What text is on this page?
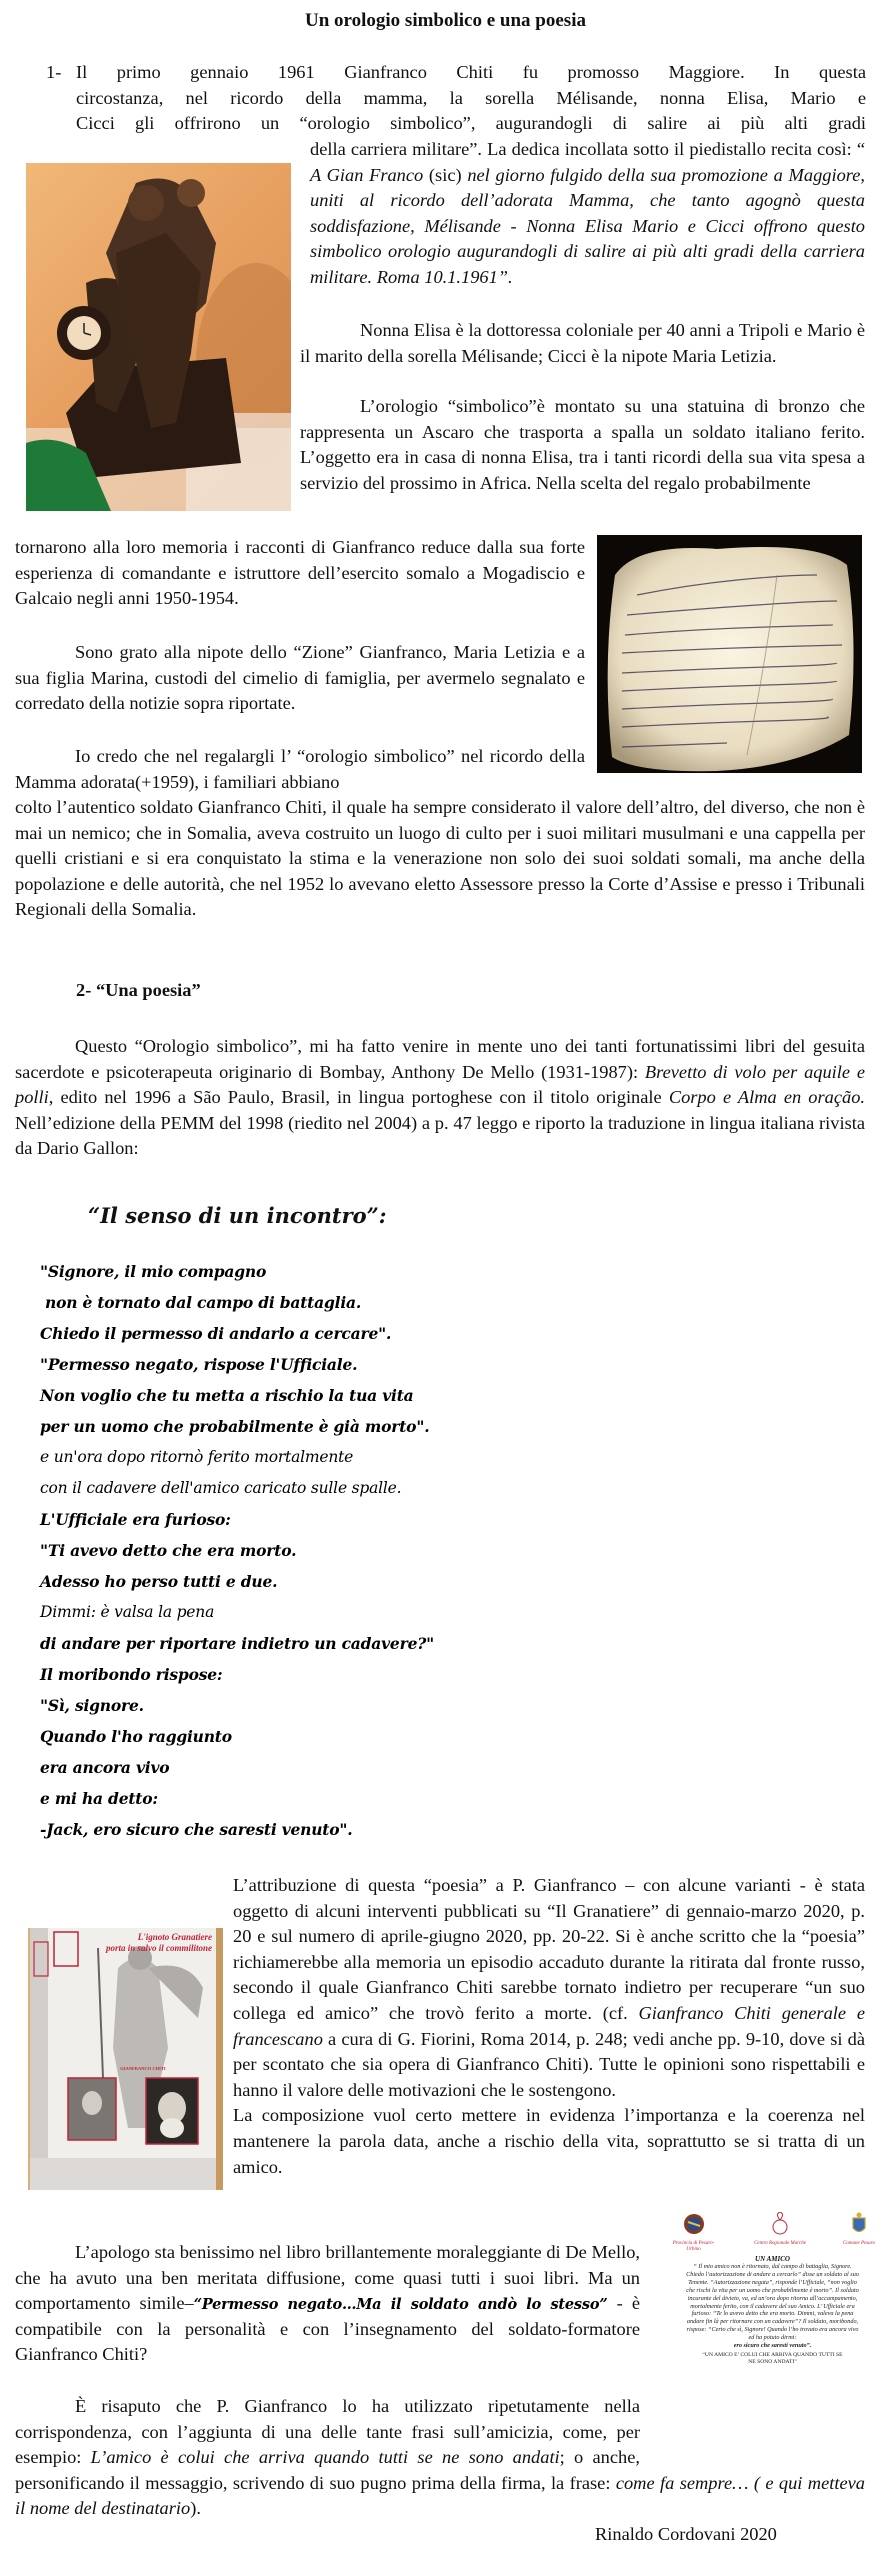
Un orologio simbolico e una poesia
1- Il primo gennaio 1961 Gianfranco Chiti fu promosso Maggiore. In questa
circostanza, nel ricordo della mamma, la sorella Mélisande, nonna Elisa, Mario e
Cicci gli offrirono un “orologio simbolico”, augurandogli di salire ai più alti gradi
della carriera militare”. La dedica incollata sotto il piedistallo recita così: “ A Gian Franco (sic) nel giorno fulgido della sua promozione a Maggiore, uniti al ricordo dell’adorata Mamma, che tanto agognò questa soddisfazione, Mélisande - Nonna Elisa Mario e Cicci offrono questo simbolico orologio augurandogli di salire ai più alti gradi della carriera militare. Roma 10.1.1961”.
Nonna Elisa è la dottoressa coloniale per 40 anni a Tripoli e Mario è il marito della sorella Mélisande; Cicci è la nipote Maria Letizia.
L’orologio “simbolico”è montato su una statuina di bronzo che rappresenta un Ascaro che trasporta a spalla un soldato italiano ferito. L’oggetto era in casa di nonna Elisa, tra i tanti ricordi della sua vita spesa a servizio del prossimo in Africa. Nella scelta del regalo probabilmente
tornarono alla loro memoria i racconti di Gianfranco reduce dalla sua forte esperienza di comandante e istruttore dell’esercito somalo a Mogadiscio e Galcaio negli anni 1950-1954.
Sono grato alla nipote dello “Zione” Gianfranco, Maria Letizia e a sua figlia Marina, custodi del cimelio di famiglia, per avermelo segnalato e corredato della notizie sopra riportate.
Io credo che nel regalargli l’ “orologio simbolico” nel ricordo della Mamma adorata(+1959), i familiari abbiano
colto l’autentico soldato Gianfranco Chiti, il quale ha sempre considerato il valore dell’altro, del diverso, che non è mai un nemico; che in Somalia, aveva costruito un luogo di culto per i suoi militari musulmani e una cappella per quelli cristiani e si era conquistato la stima e la venerazione non solo dei suoi soldati somali, ma anche della popolazione e delle autorità, che nel 1952 lo avevano eletto Assessore presso la Corte d’Assise e presso i Tribunali Regionali della Somalia.
2- “Una poesia”
Questo “Orologio simbolico”, mi ha fatto venire in mente uno dei tanti fortunatissimi libri del gesuita sacerdote e psicoterapeuta originario di Bombay, Anthony De Mello (1931-1987): Brevetto di volo per aquile e polli, edito nel 1996 a São Paulo, Brasil, in lingua portoghese con il titolo originale Corpo e Alma en oração. Nell’edizione della PEMM del 1998 (riedito nel 2004) a p. 47 leggo e riporto la traduzione in lingua italiana rivista da Dario Gallon:
“Il senso di un incontro”:
"Signore, il mio compagno
non è tornato dal campo di battaglia.
Chiedo il permesso di andarlo a cercare".
"Permesso negato, rispose l'Ufficiale.
Non voglio che tu metta a rischio la tua vita
per un uomo che probabilmente è già morto".
e un'ora dopo ritornò ferito mortalmente
con il cadavere dell'amico caricato sulle spalle.
L'Ufficiale era furioso:
"Ti avevo detto che era morto.
Adesso ho perso tutti e due.
Dimmi: è valsa la pena
di andare per riportare indietro un cadavere?"
Il moribondo rispose:
"Sì, signore.
Quando l'ho raggiunto
era ancora vivo
e mi ha detto:
-Jack, ero sicuro che saresti venuto".
L'ignoto Granatiere
porta in salvo il commilitone
GIANFRANCO CHITI
L’attribuzione di questa “poesia” a P. Gianfranco – con alcune varianti - è stata oggetto di alcuni interventi pubblicati su “Il Granatiere” di gennaio-marzo 2020, p. 20 e sul numero di aprile-giugno 2020, pp. 20-22. Si è anche scritto che la “poesia” richiamerebbe alla memoria un episodio accaduto durante la ritirata dal fronte russo, secondo il quale Gianfranco Chiti sarebbe tornato indietro per recuperare “un suo collega ed amico” che trovò ferito a morte. (cf. Gianfranco Chiti generale e francescano a cura di G. Fiorini, Roma 2014, p. 248; vedi anche pp. 9-10, dove si dà per scontato che sia opera di Gianfranco Chiti). Tutte le opinioni sono rispettabili e hanno il valore delle motivazioni che le sostengono.
La composizione vuol certo mettere in evidenza l’importanza e la coerenza nel mantenere la parola data, anche a rischio della vita, soprattutto se si tratta di un amico.
Provincia di Pesaro-Urbino
Centro Regionale Marche	Comune Pesaro
UN AMICO
“ Il mio amico non è ritornato, dal campo di battaglia, Signore. Chiedo l’autorizzazione di andare a cercarlo” disse un soldato al suo Tenente. “Autorizzazione negata”, risponde l’Ufficiale, “non voglio che rischi la vita per un uomo che probabilmente è morto”. Il soldato incurante del divieto, va, ed un’ora dopo ritorna all’accampamento, mortalmente ferito, con il cadavere del suo Amico. L’ Ufficiale era furioso: “Te lo avevo detto che era morto. Dimmi, valeva la pena andare fin là per ritornare con un cadavere”? Il soldato, moribondo, rispose: “Certo che sì, Signore! Quando l’ho trovato era ancora vivo ed ha potuto dirmi:
ero sicuro che saresti venuto”.
“UN AMICO E’ COLUI CHE ARRIVA QUANDO TUTTI SE NE SONO ANDATI”
L’apologo sta benissimo nel libro brillantemente moraleggiante di De Mello, che ha avuto una ben meritata diffusione, come quasi tutti i suoi libri. Ma un comportamento simile–“Permesso negato…Ma il soldato andò lo stesso” - è compatibile con la personalità e con l’insegnamento del soldato-formatore Gianfranco Chiti?
È risaputo che P. Gianfranco lo ha utilizzato ripetutamente nella corrispondenza, con l’aggiunta di una delle tante frasi sull’amicizia, come, per esempio: L’amico è colui che arriva quando tutti se ne sono andati; o anche, personificando il messaggio, scrivendo di suo pugno prima della firma, la frase: come fa sempre… ( e qui metteva il nome del destinatario).
Rinaldo Cordovani 2020
